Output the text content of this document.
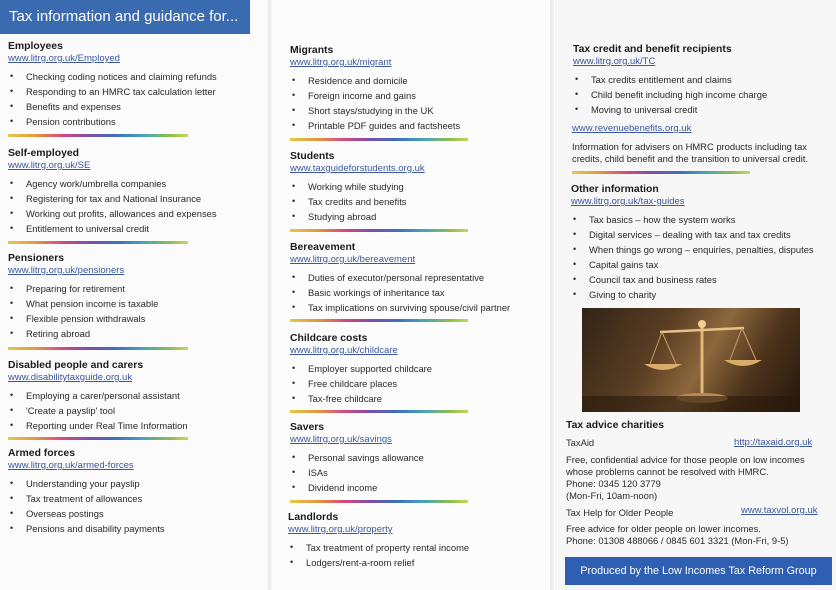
Tax information and guidance for...
Employees
www.litrg.org.uk/Employed
• Checking coding notices and claiming refunds
• Responding to an HMRC tax calculation letter
• Benefits and expenses
• Pension contributions
Self-employed
www.litrg.org.uk/SE
• Agency work/umbrella companies
• Registering for tax and National Insurance
• Working out profits, allowances and expenses
• Entitlement to universal credit
Pensioners
www.litrg.org.uk/pensioners
• Preparing for retirement
• What pension income is taxable
• Flexible pension withdrawals
• Retiring abroad
Disabled people and carers
www.disabilitytaxguide.org.uk
• Employing a carer/personal assistant
• 'Create a payslip' tool
• Reporting under Real Time Information
Armed forces
www.litrg.org.uk/armed-forces
• Understanding your payslip
• Tax treatment of allowances
• Overseas postings
• Pensions and disability payments
Migrants
www.litrg.org.uk/migrant
• Residence and domicile
• Foreign income and gains
• Short stays/studying in the UK
• Printable PDF guides and factsheets
Students
www.taxguideforstudents.org.uk
• Working while studying
• Tax credits and benefits
• Studying abroad
Bereavement
www.litrg.org.uk/bereavement
• Duties of executor/personal representative
• Basic workings of inheritance tax
• Tax implications on surviving spouse/civil partner
Childcare costs
www.litrg.org.uk/childcare
• Employer supported childcare
• Free childcare places
• Tax-free childcare
Savers
www.litrg.org.uk/savings
• Personal savings allowance
• ISAs
• Dividend income
Landlords
www.litrg.org.uk/property
• Tax treatment of property rental income
• Lodgers/rent-a-room relief
Tax credit and benefit recipients
www.litrg.org.uk/TC
• Tax credits entitlement and claims
• Child benefit including high income charge
• Moving to universal credit
www.revenuebenefits.org.uk

Information for advisers on HMRC products including tax credits, child benefit and the transition to universal credit.

Other information
www.litrg.org.uk/tax-guides
• Tax basics – how the system works
• Digital services – dealing with tax and tax credits
• When things go wrong – enquiries, penalties, disputes
• Capital gains tax
• Council tax and business rates
• Giving to charity
Tax advice charities
TaxAid	http://taxaid.org.uk

Free, confidential advice for those people on low incomes whose problems cannot be resolved with HMRC.

Phone: 0345 120 3779

(Mon-Fri, 10am-noon)

Tax Help for Older People	www.taxvol.org.uk

Free advice for older people on lower incomes.

Phone: 01308 488066 / 0845 601 3321 (Mon-Fri, 9-5)

Produced by the Low Incomes Tax Reform Group
